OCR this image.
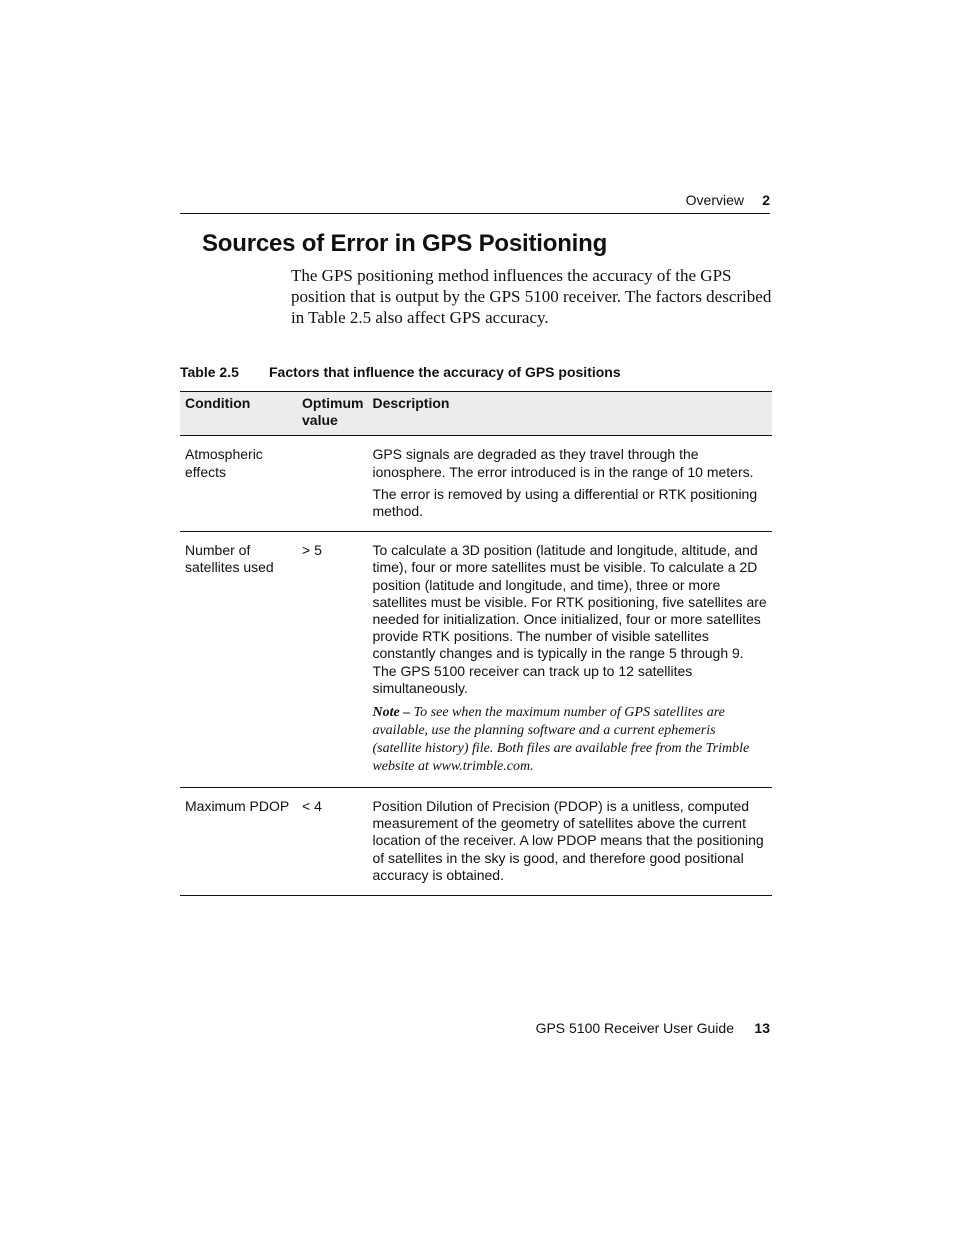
Overview 2
Sources of Error in GPS Positioning

The GPS positioning method influences the accuracy of the GPS position that is output by the GPS 5100 receiver. The factors described in Table 2.5 also affect GPS accuracy.

Table 2.5 Factors that influence the accuracy of GPS positions
Condition	Optimum value	Description
Atmospheric effects		GPS signals are degraded as they travel through the ionosphere. The error introduced is in the range of 10 meters.

The error is removed by using a differential or RTK positioning method.

Number of satellites used	> 5	To calculate a 3D position (latitude and longitude, altitude, and time), four or more satellites must be visible. To calculate a 2D position (latitude and longitude, and time), three or more satellites must be visible. For RTK positioning, five satellites are needed for initialization. Once initialized, four or more satellites provide RTK positions. The number of visible satellites constantly changes and is typically in the range 5 through 9. The GPS 5100 receiver can track up to 12 satellites simultaneously.

Note – To see when the maximum number of GPS satellites are available, use the planning software and a current ephemeris (satellite history) file. Both files are available free from the Trimble website at www.trimble.com.

Maximum PDOP	< 4	Position Dilution of Precision (PDOP) is a unitless, computed measurement of the geometry of satellites above the current location of the receiver. A low PDOP means that the positioning of satellites in the sky is good, and therefore good positional accuracy is obtained.

GPS 5100 Receiver User Guide 13
